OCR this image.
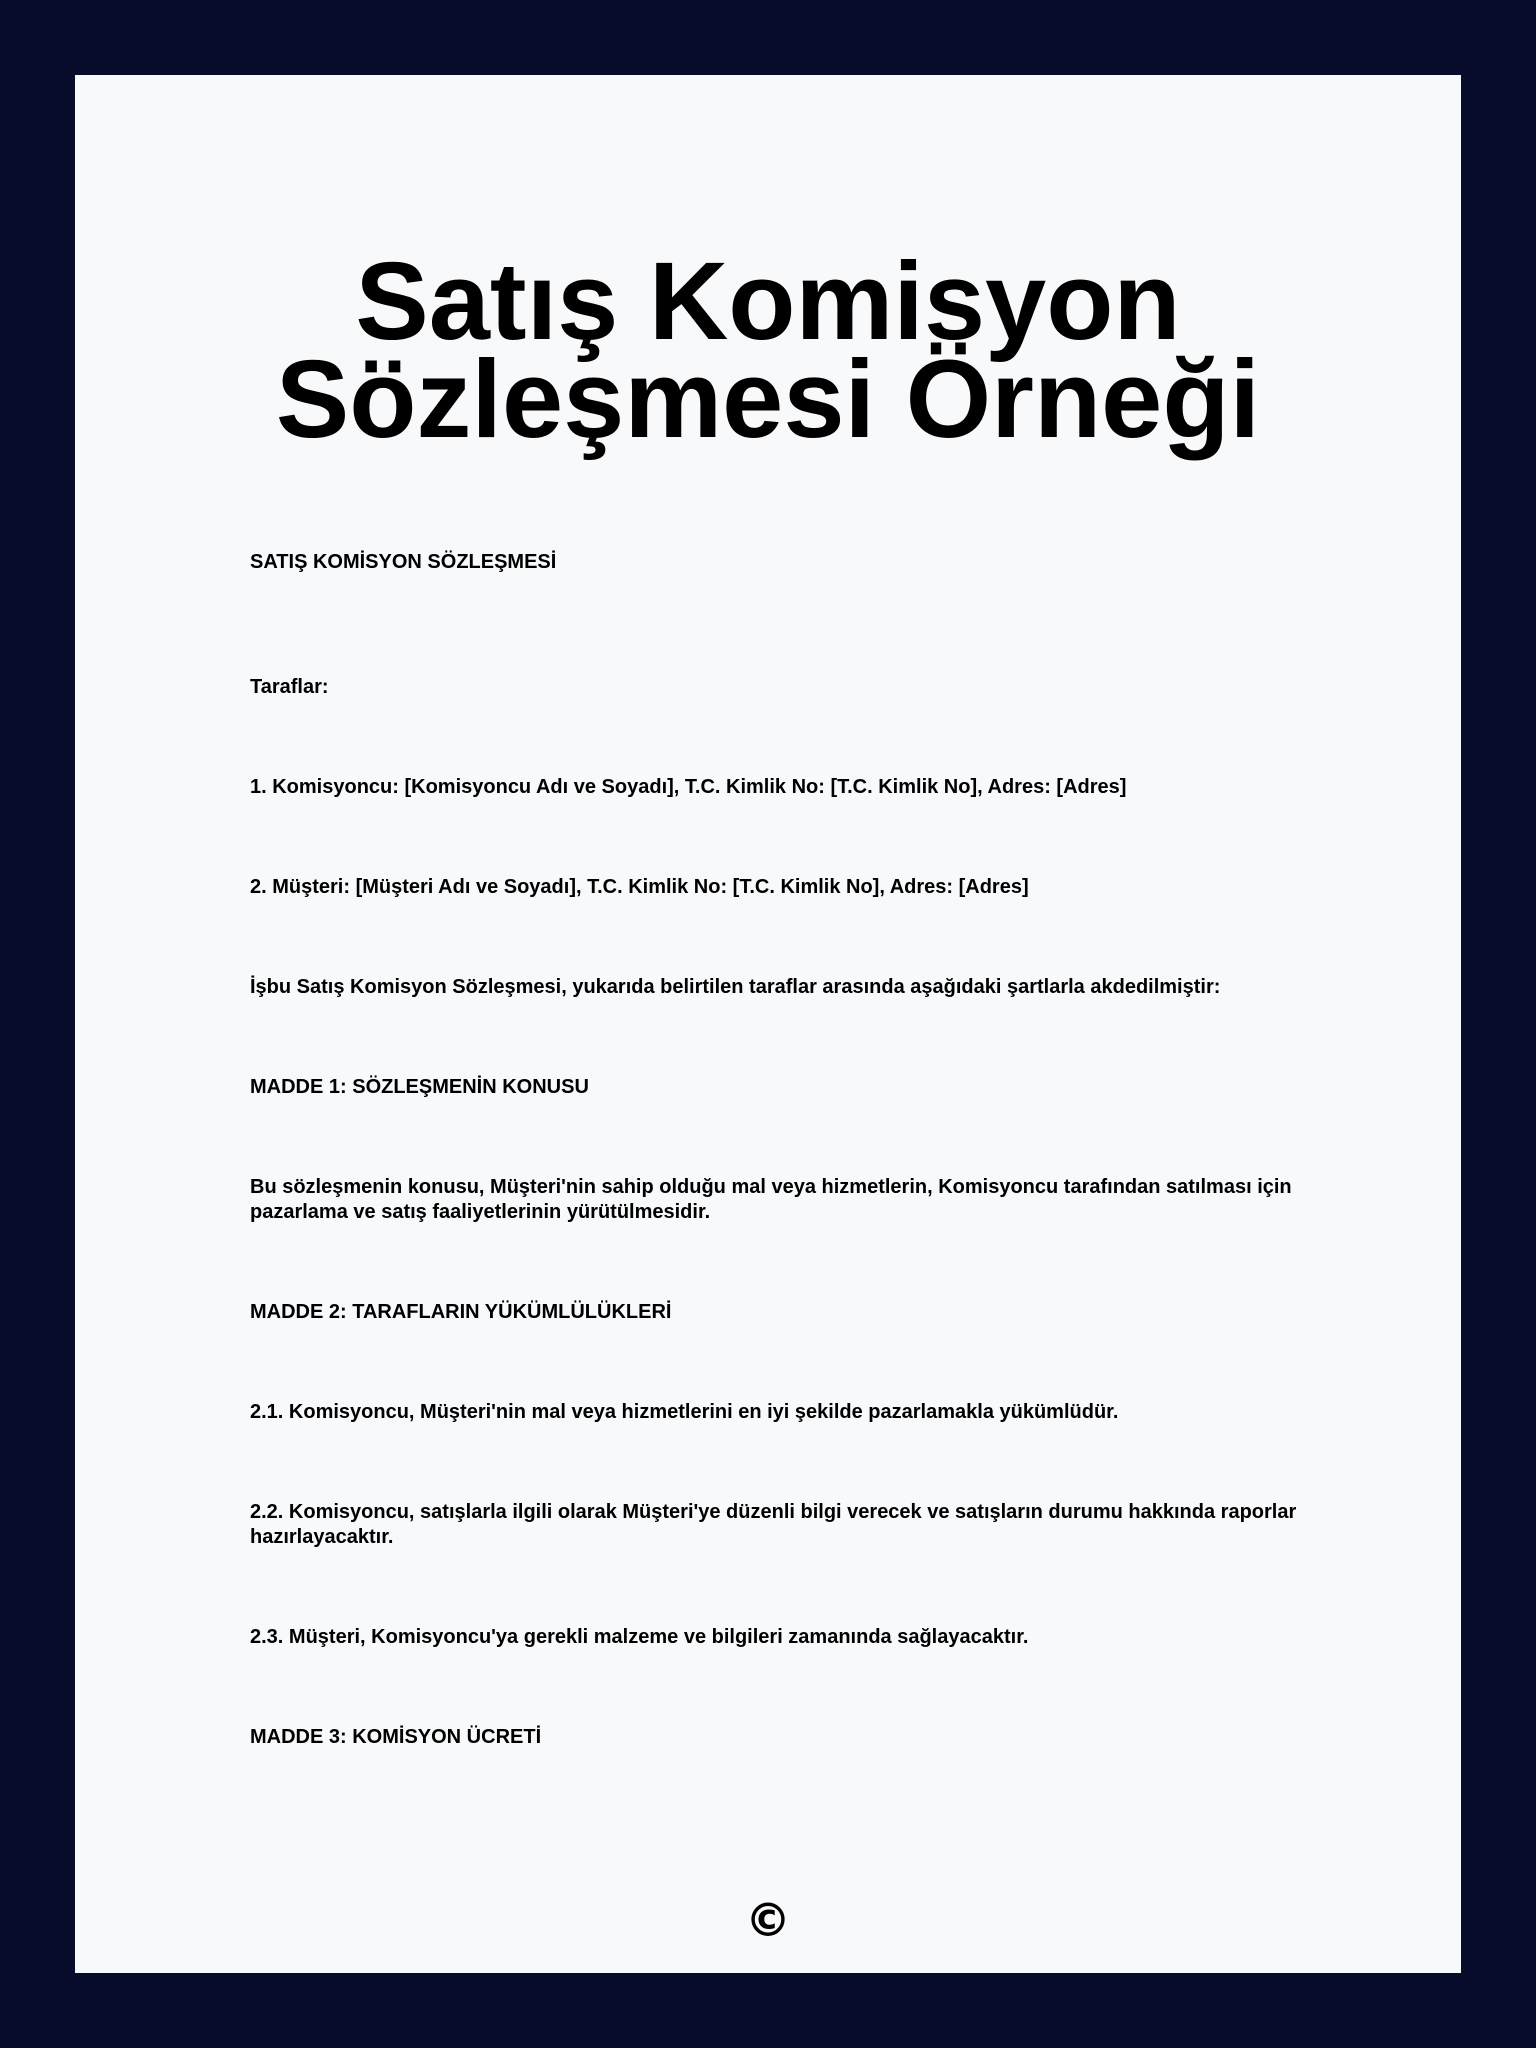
Satış Komisyon Sözleşmesi Örneği

SATIŞ KOMİSYON SÖZLEŞMESİ

Taraflar:

1. Komisyoncu: [Komisyoncu Adı ve Soyadı], T.C. Kimlik No: [T.C. Kimlik No], Adres: [Adres]

2. Müşteri: [Müşteri Adı ve Soyadı], T.C. Kimlik No: [T.C. Kimlik No], Adres: [Adres]

İşbu Satış Komisyon Sözleşmesi, yukarıda belirtilen taraflar arasında aşağıdaki şartlarla akdedilmiştir:

MADDE 1: SÖZLEŞMENİN KONUSU

Bu sözleşmenin konusu, Müşteri'nin sahip olduğu mal veya hizmetlerin, Komisyoncu tarafından satılması için pazarlama ve satış faaliyetlerinin yürütülmesidir.

MADDE 2: TARAFLARIN YÜKÜMLÜLÜKLERİ

2.1. Komisyoncu, Müşteri'nin mal veya hizmetlerini en iyi şekilde pazarlamakla yükümlüdür.

2.2. Komisyoncu, satışlarla ilgili olarak Müşteri'ye düzenli bilgi verecek ve satışların durumu hakkında raporlar hazırlayacaktır.

2.3. Müşteri, Komisyoncu'ya gerekli malzeme ve bilgileri zamanında sağlayacaktır.

MADDE 3: KOMİSYON ÜCRETİ

©
